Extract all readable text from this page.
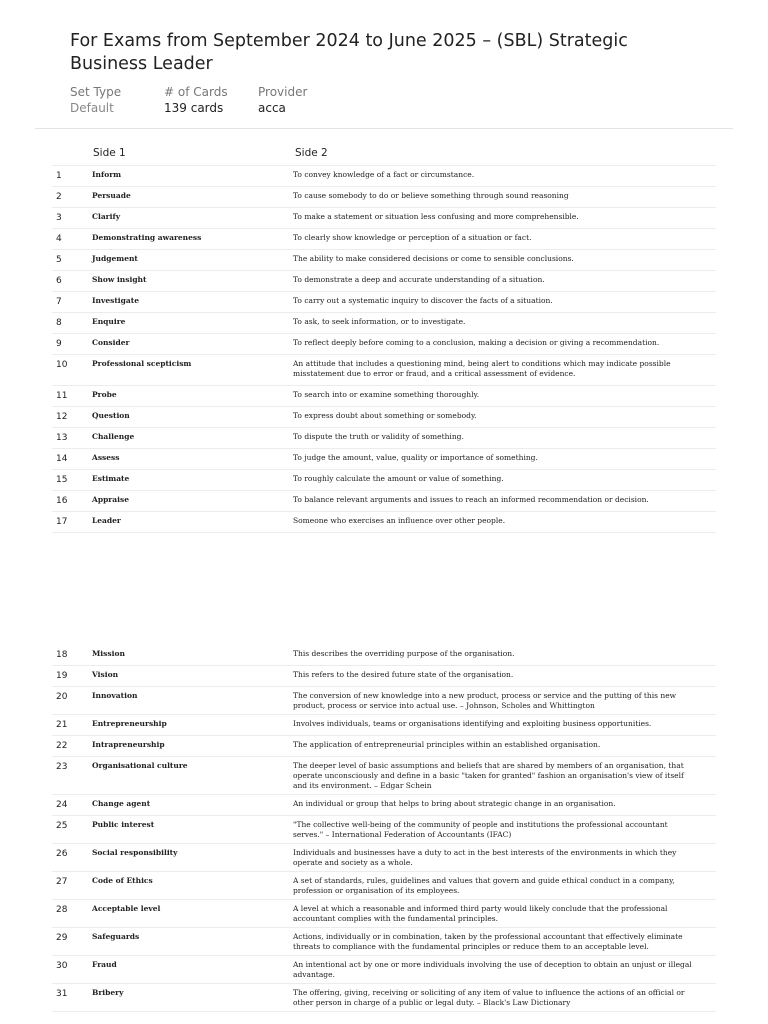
For Exams from September 2024 to June 2025 – (SBL) Strategic Business Leader
Set Type
Default
# of Cards
139 cards
Provider
acca
Side 1	Side 2
1	Inform	To convey knowledge of a fact or circumstance.
2	Persuade	To cause somebody to do or believe something through sound reasoning
3	Clarify	To make a statement or situation less confusing and more comprehensible.
4	Demonstrating awareness	To clearly show knowledge or perception of a situation or fact.
5	Judgement	The ability to make considered decisions or come to sensible conclusions.
6	Show insight	To demonstrate a deep and accurate understanding of a situation.
7	Investigate	To carry out a systematic inquiry to discover the facts of a situation.
8	Enquire	To ask, to seek information, or to investigate.
9	Consider	To reflect deeply before coming to a conclusion, making a decision or giving a recommendation.
10	Professional scepticism	An attitude that includes a questioning mind, being alert to conditions which may indicate possible misstatement due to error or fraud, and a critical assessment of evidence.
11	Probe	To search into or examine something thoroughly.
12	Question	To express doubt about something or somebody.
13	Challenge	To dispute the truth or validity of something.
14	Assess	To judge the amount, value, quality or importance of something.
15	Estimate	To roughly calculate the amount or value of something.
16	Appraise	To balance relevant arguments and issues to reach an informed recommendation or decision.
17	Leader	Someone who exercises an influence over other people.
18	Mission	This describes the overriding purpose of the organisation.
19	Vision	This refers to the desired future state of the organisation.
20	Innovation	The conversion of new knowledge into a new product, process or service and the putting of this new product, process or service into actual use. – Johnson, Scholes and Whittington
21	Entrepreneurship	Involves individuals, teams or organisations identifying and exploiting business opportunities.
22	Intrapreneurship	The application of entrepreneurial principles within an established organisation.
23	Organisational culture	The deeper level of basic assumptions and beliefs that are shared by members of an organisation, that operate unconsciously and define in a basic "taken for granted" fashion an organisation's view of itself and its environment. – Edgar Schein
24	Change agent	An individual or group that helps to bring about strategic change in an organisation.
25	Public interest	"The collective well-being of the community of people and institutions the professional accountant serves." – International Federation of Accountants (IFAC)
26	Social responsibility	Individuals and businesses have a duty to act in the best interests of the environments in which they operate and society as a whole.
27	Code of Ethics	A set of standards, rules, guidelines and values that govern and guide ethical conduct in a company, profession or organisation of its employees.
28	Acceptable level	A level at which a reasonable and informed third party would likely conclude that the professional accountant complies with the fundamental principles.
29	Safeguards	Actions, individually or in combination, taken by the professional accountant that effectively eliminate threats to compliance with the fundamental principles or reduce them to an acceptable level.
30	Fraud	An intentional act by one or more individuals involving the use of deception to obtain an unjust or illegal advantage.
31	Bribery	The offering, giving, receiving or soliciting of any item of value to influence the actions of an official or other person in charge of a public or legal duty. – Black's Law Dictionary
